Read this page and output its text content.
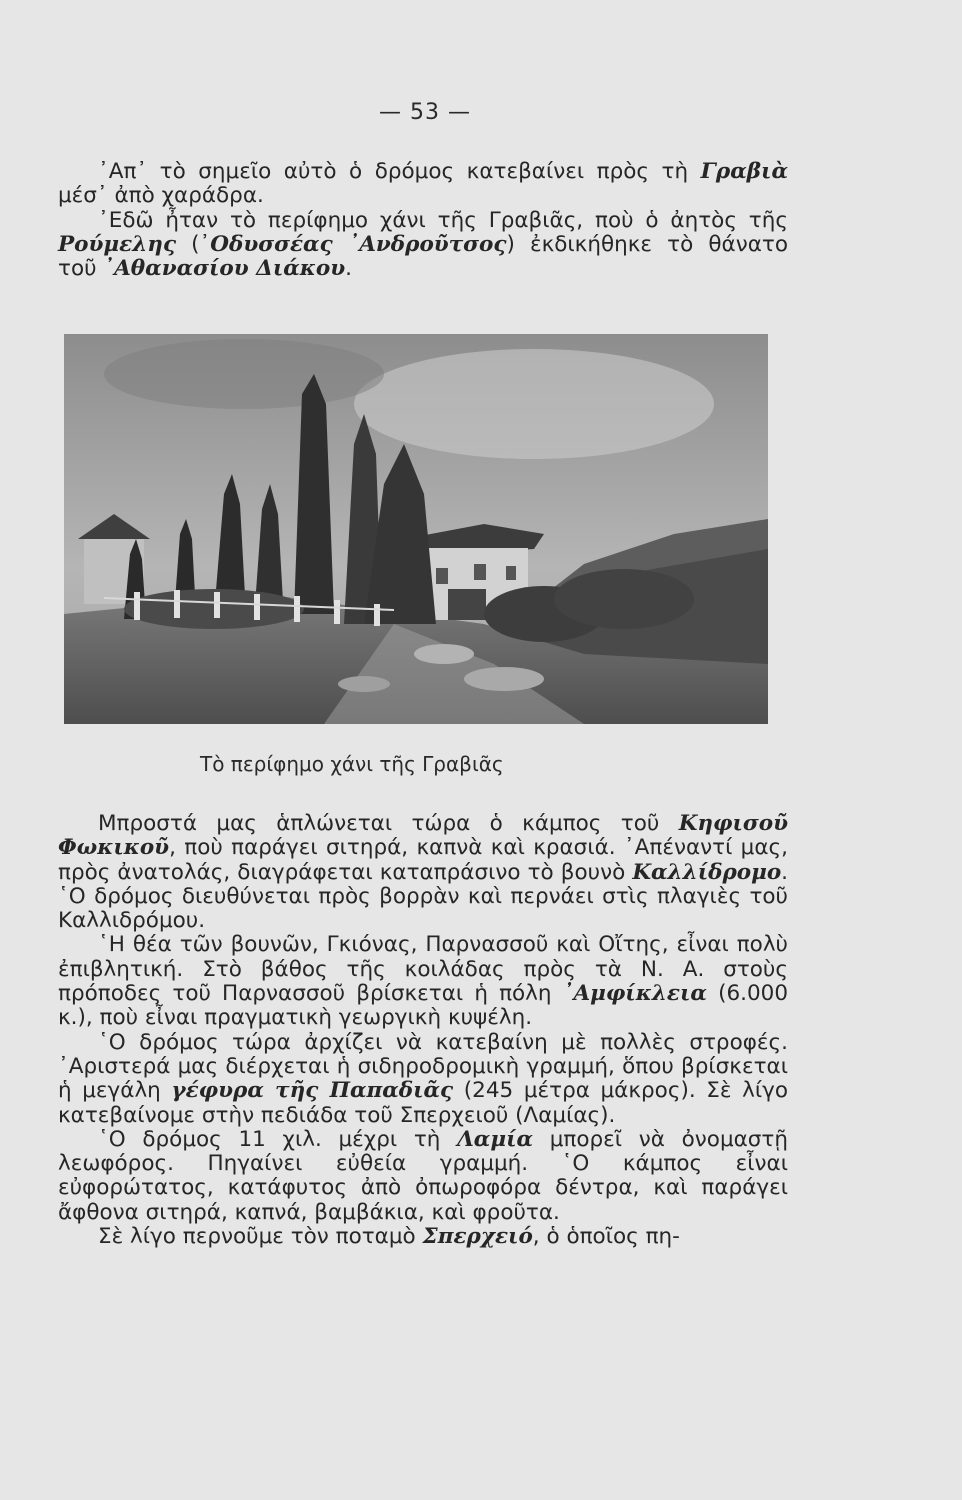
— 53 —

᾿Απ᾿ τὸ σημεῖο αὐτὸ ὁ δρόμος κατεβαίνει πρὸς τὴ Γραβιὰ μέσ᾿ ἀπὸ χαράδρα.

᾿Εδῶ ἦταν τὸ περίφημο χάνι τῆς Γραβιᾶς, ποὺ ὁ ἀητὸς τῆς Ρούμελης (᾿Οδυσσέας ᾿Ανδροῦτσος) ἐκδικήθηκε τὸ θάνατο τοῦ ᾿Αθανασίου Διάκου.

Τὸ περίφημο χάνι τῆς Γραβιᾶς

Μπροστά μας ἁπλώνεται τώρα ὁ κάμπος τοῦ Κηφισοῦ Φωκικοῦ, ποὺ παράγει σιτηρά, καπνὰ καὶ κρασιά. ᾿Απέναντί μας, πρὸς ἀνατολάς, διαγράφεται καταπράσινο τὸ βουνὸ Καλλίδρομο. ῾Ο δρόμος διευθύνεται πρὸς βορρὰν καὶ περνάει στὶς πλαγιὲς τοῦ Καλλιδρόμου.

῾Η θέα τῶν βουνῶν, Γκιόνας, Παρνασσοῦ καὶ Οἴτης, εἶναι πολὺ ἐπιβλητική. Στὸ βάθος τῆς κοιλάδας πρὸς τὰ Ν. Α. στοὺς πρόποδες τοῦ Παρνασσοῦ βρίσκεται ἡ πόλη ᾿Αμφίκλεια (6.000 κ.), ποὺ εἶναι πραγματικὴ γεωργικὴ κυψέλη.

῾Ο δρόμος τώρα ἀρχίζει νὰ κατεβαίνη μὲ πολλὲς στροφές. ᾿Αριστερά μας διέρχεται ἡ σιδηροδρομικὴ γραμμή, ὅπου βρίσκεται ἡ μεγάλη γέφυρα τῆς Παπαδιᾶς (245 μέτρα μάκρος). Σὲ λίγο κατεβαίνομε στὴν πεδιάδα τοῦ Σπερχειοῦ (Λαμίας).

῾Ο δρόμος 11 χιλ. μέχρι τὴ Λαμία μπορεῖ νὰ ὀνομαστῇ λεωφόρος. Πηγαίνει εὐθεία γραμμή. ῾Ο κάμπος εἶναι εὐφορώτατος, κατάφυτος ἀπὸ ὀπωροφόρα δέντρα, καὶ παράγει ἄφθονα σιτηρά, καπνά, βαμβάκια, καὶ φροῦτα.

Σὲ λίγο περνοῦμε τὸν ποταμὸ Σπερχειό, ὁ ὁποῖος πη-
